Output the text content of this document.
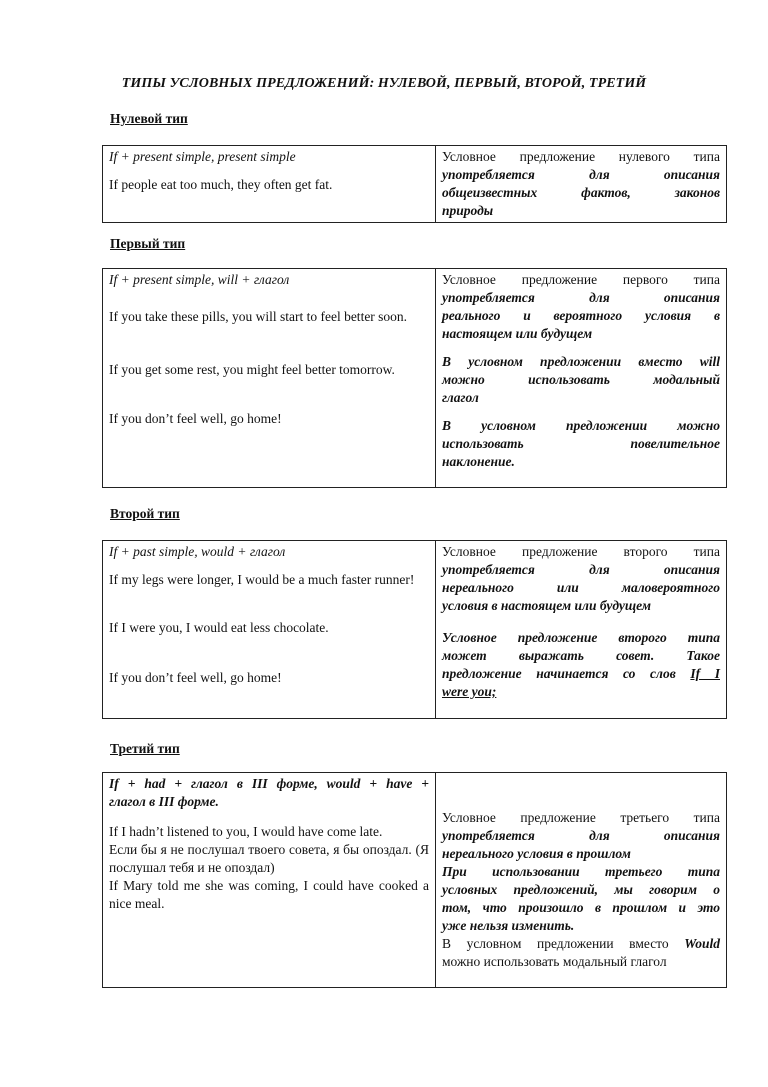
ТИПЫ УСЛОВНЫХ ПРЕДЛОЖЕНИЙ: НУЛЕВОЙ, ПЕРВЫЙ, ВТОРОЙ, ТРЕТИЙ
Нулевой тип
If + present simple, present simple
If people eat too much, they often get fat.

Условное предложение нулевого типа
употребляется для описания
общеизвестных фактов, законов
природы
Первый тип
If + present simple, will + глагол
If you take these pills, you will start to feel better soon.
If you get some rest, you might feel better tomorrow.
If you don’t feel well, go home!

Условное предложение первого типа
употребляется для описания
реального и вероятного условия в
настоящем или будущем
В условном предложении вместо will
можно использовать модальный
глагол
В условном предложении можно
использовать повелительное
наклонение.
Второй тип
If + past simple, would + глагол
If my legs were longer, I would be a much faster runner!
If I were you, I would eat less chocolate.
If you don’t feel well, go home!

Условное предложение второго типа
употребляется для описания
нереального или маловероятного
условия в настоящем или будущем
Условное предложение второго типа
может выражать совет. Такое
предложение начинается со слов If I
were you;
Третий тип
If + had + глагол в III форме, would + have +
глагол в III форме.
If I hadn’t listened to you, I would have come late.
Если бы я не послушал твоего совета, я бы опоздал. (Я послушал тебя и не опоздал)
If Mary told me she was coming, I could have cooked a nice meal.

Условное предложение третьего типа
употребляется для описания
нереального условия в прошлом
При использовании третьего типа
условных предложений, мы говорим о
том, что произошло в прошлом и это
уже нельзя изменить.
В условном предложении вместо Would
можно использовать модальный глагол
